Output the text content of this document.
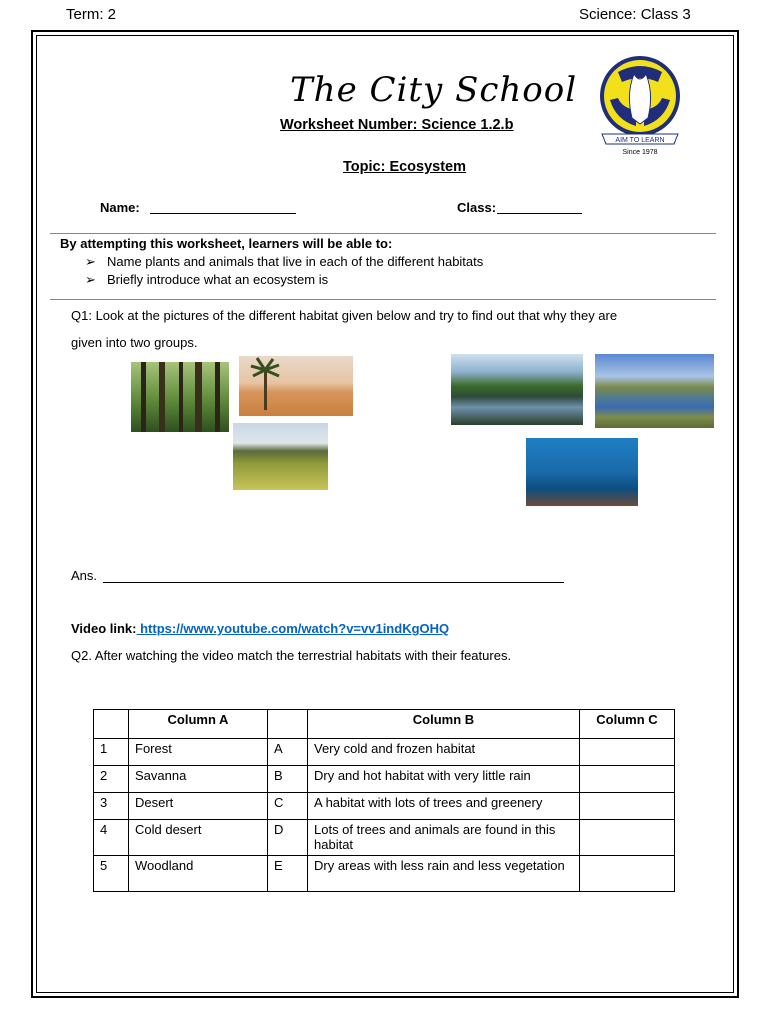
Term: 2	Science: Class 3
The City School
AIM TO LEARN
Since 1978
Worksheet Number: Science 1.2.b
Topic: Ecosystem
Name:	Class:
By attempting this worksheet, learners will be able to:
➢ Name plants and animals that live in each of the different habitats
➢ Briefly introduce what an ecosystem is
Q1: Look at the pictures of the different habitat given below and try to find out that why they are
given into two groups.
Ans.
Video link: https://www.youtube.com/watch?v=vv1indKgOHQ
Q2. After watching the video match the terrestrial habitats with their features.
	Column A		Column B	Column C
1	Forest	A	Very cold and frozen habitat	
2	Savanna	B	Dry and hot habitat with very little rain	
3	Desert	C	A habitat with lots of trees and greenery	
4	Cold desert	D	Lots of trees and animals are found in this habitat	
5	Woodland	E	Dry areas with less rain and less vegetation	
